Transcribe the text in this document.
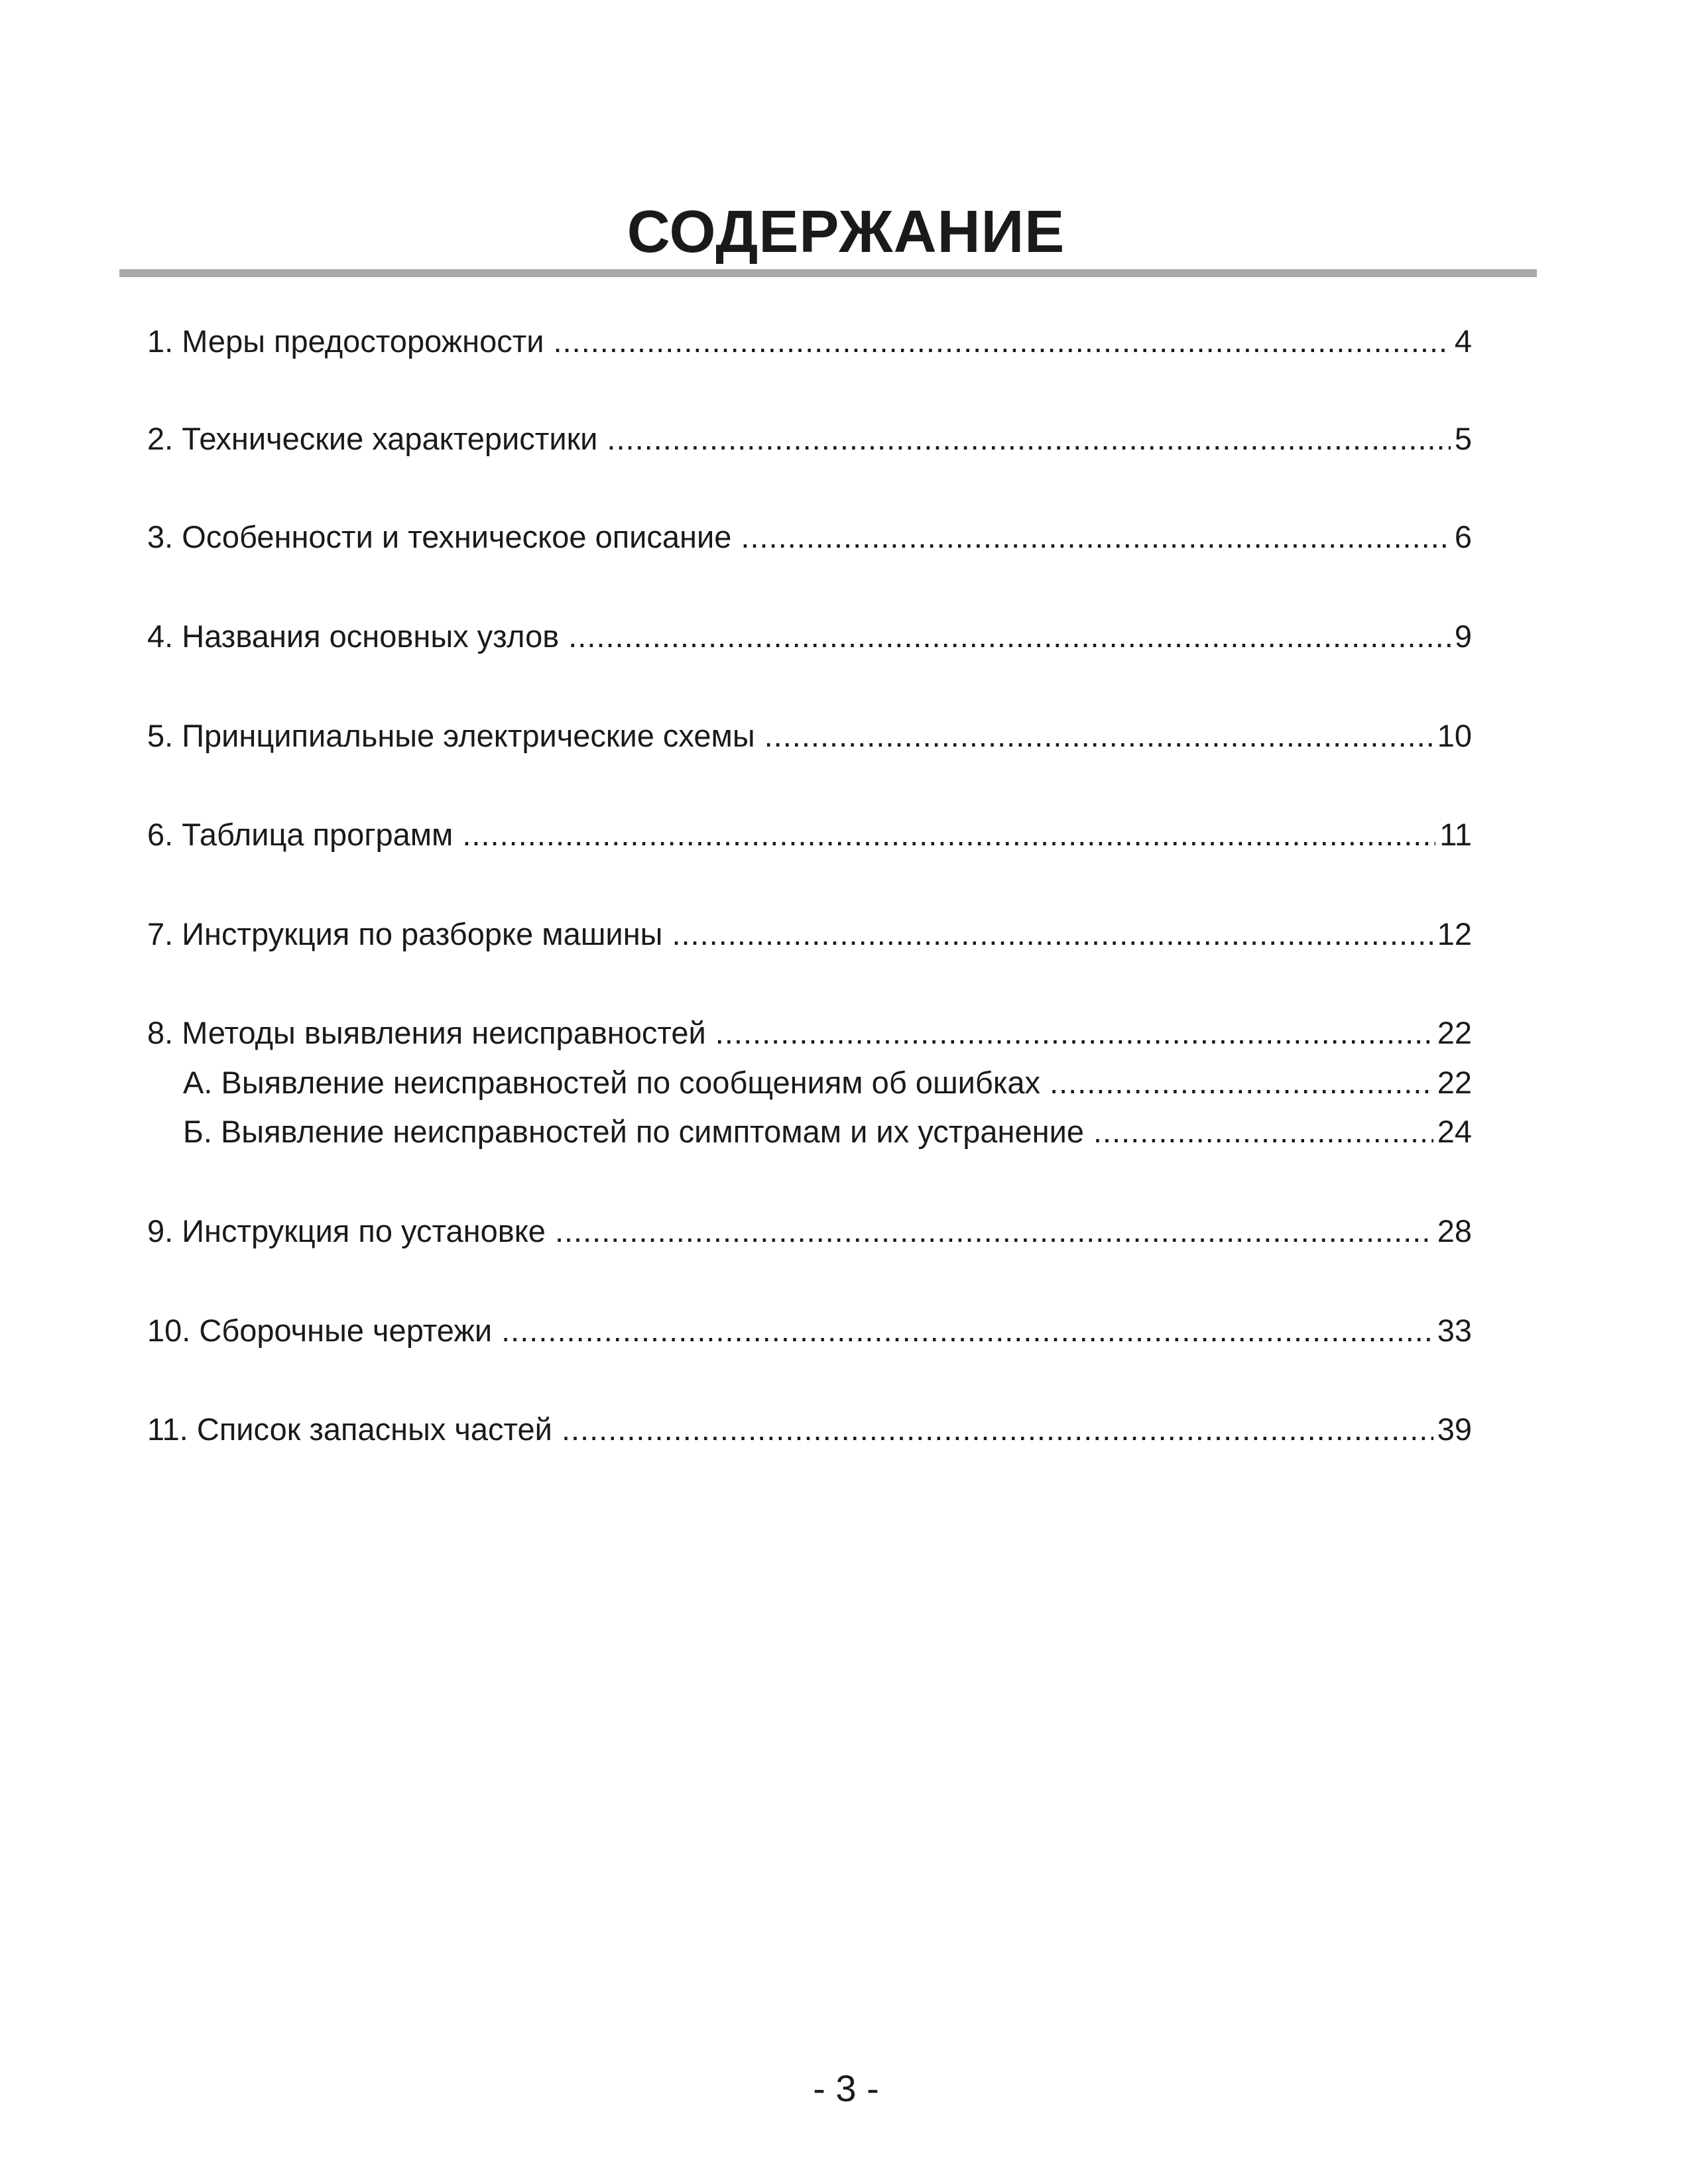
СОДЕРЖАНИЕ
1. Меры предосторожности .....	4
2. Технические характеристики .....	5
3. Особенности и техническое описание .....	6
4. Названия основных узлов .....	9
5. Принципиальные электрические схемы .....	10
6. Таблица программ .....	11
7. Инструкция по разборке машины .....	12
8. Методы выявления неисправностей .....	22
А. Выявление неисправностей по сообщениям об ошибках .....	22
Б. Выявление неисправностей по симптомам и их устранение .....	24
9. Инструкция по установке .....	28
10. Сборочные чертежи .....	33
11. Список запасных частей .....	39
- 3 -
